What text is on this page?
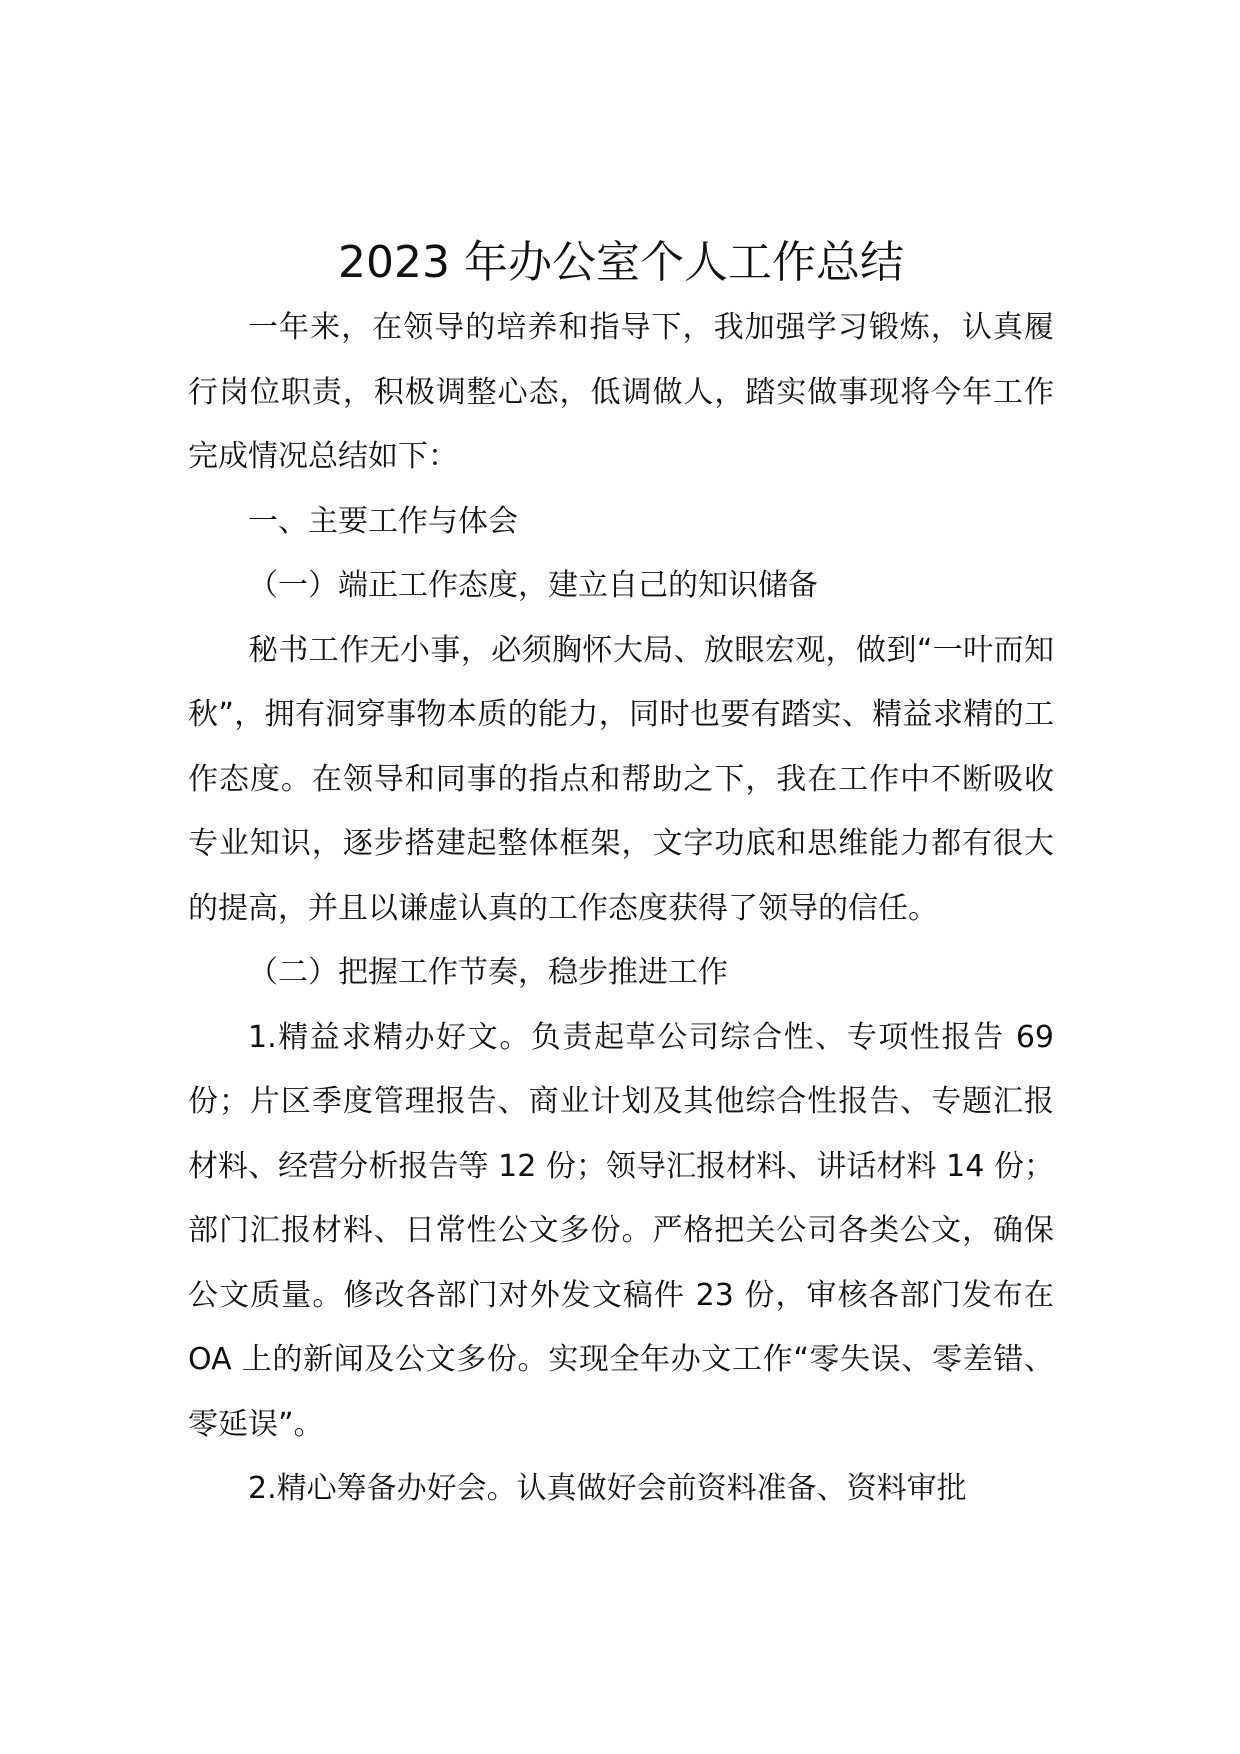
2023 年办公室个人工作总结

一年来，在领导的培养和指导下，我加强学习锻炼，认真履行岗位职责，积极调整心态，低调做人，踏实做事现将今年工作完成情况总结如下：

一、主要工作与体会

（一）端正工作态度，建立自己的知识储备

秘书工作无小事，必须胸怀大局、放眼宏观，做到“一叶而知秋”，拥有洞穿事物本质的能力，同时也要有踏实、精益求精的工作态度。在领导和同事的指点和帮助之下，我在工作中不断吸收专业知识，逐步搭建起整体框架，文字功底和思维能力都有很大的提高，并且以谦虚认真的工作态度获得了领导的信任。

（二）把握工作节奏，稳步推进工作

1.精益求精办好文。负责起草公司综合性、专项性报告 69 份；片区季度管理报告、商业计划及其他综合性报告、专题汇报材料、经营分析报告等 12 份；领导汇报材料、讲话材料 14 份；部门汇报材料、日常性公文多份。严格把关公司各类公文，确保公文质量。修改各部门对外发文稿件 23 份，审核各部门发布在 OA 上的新闻及公文多份。实现全年办文工作“零失误、零差错、零延误”。

2.精心筹备办好会。认真做好会前资料准备、资料审批
